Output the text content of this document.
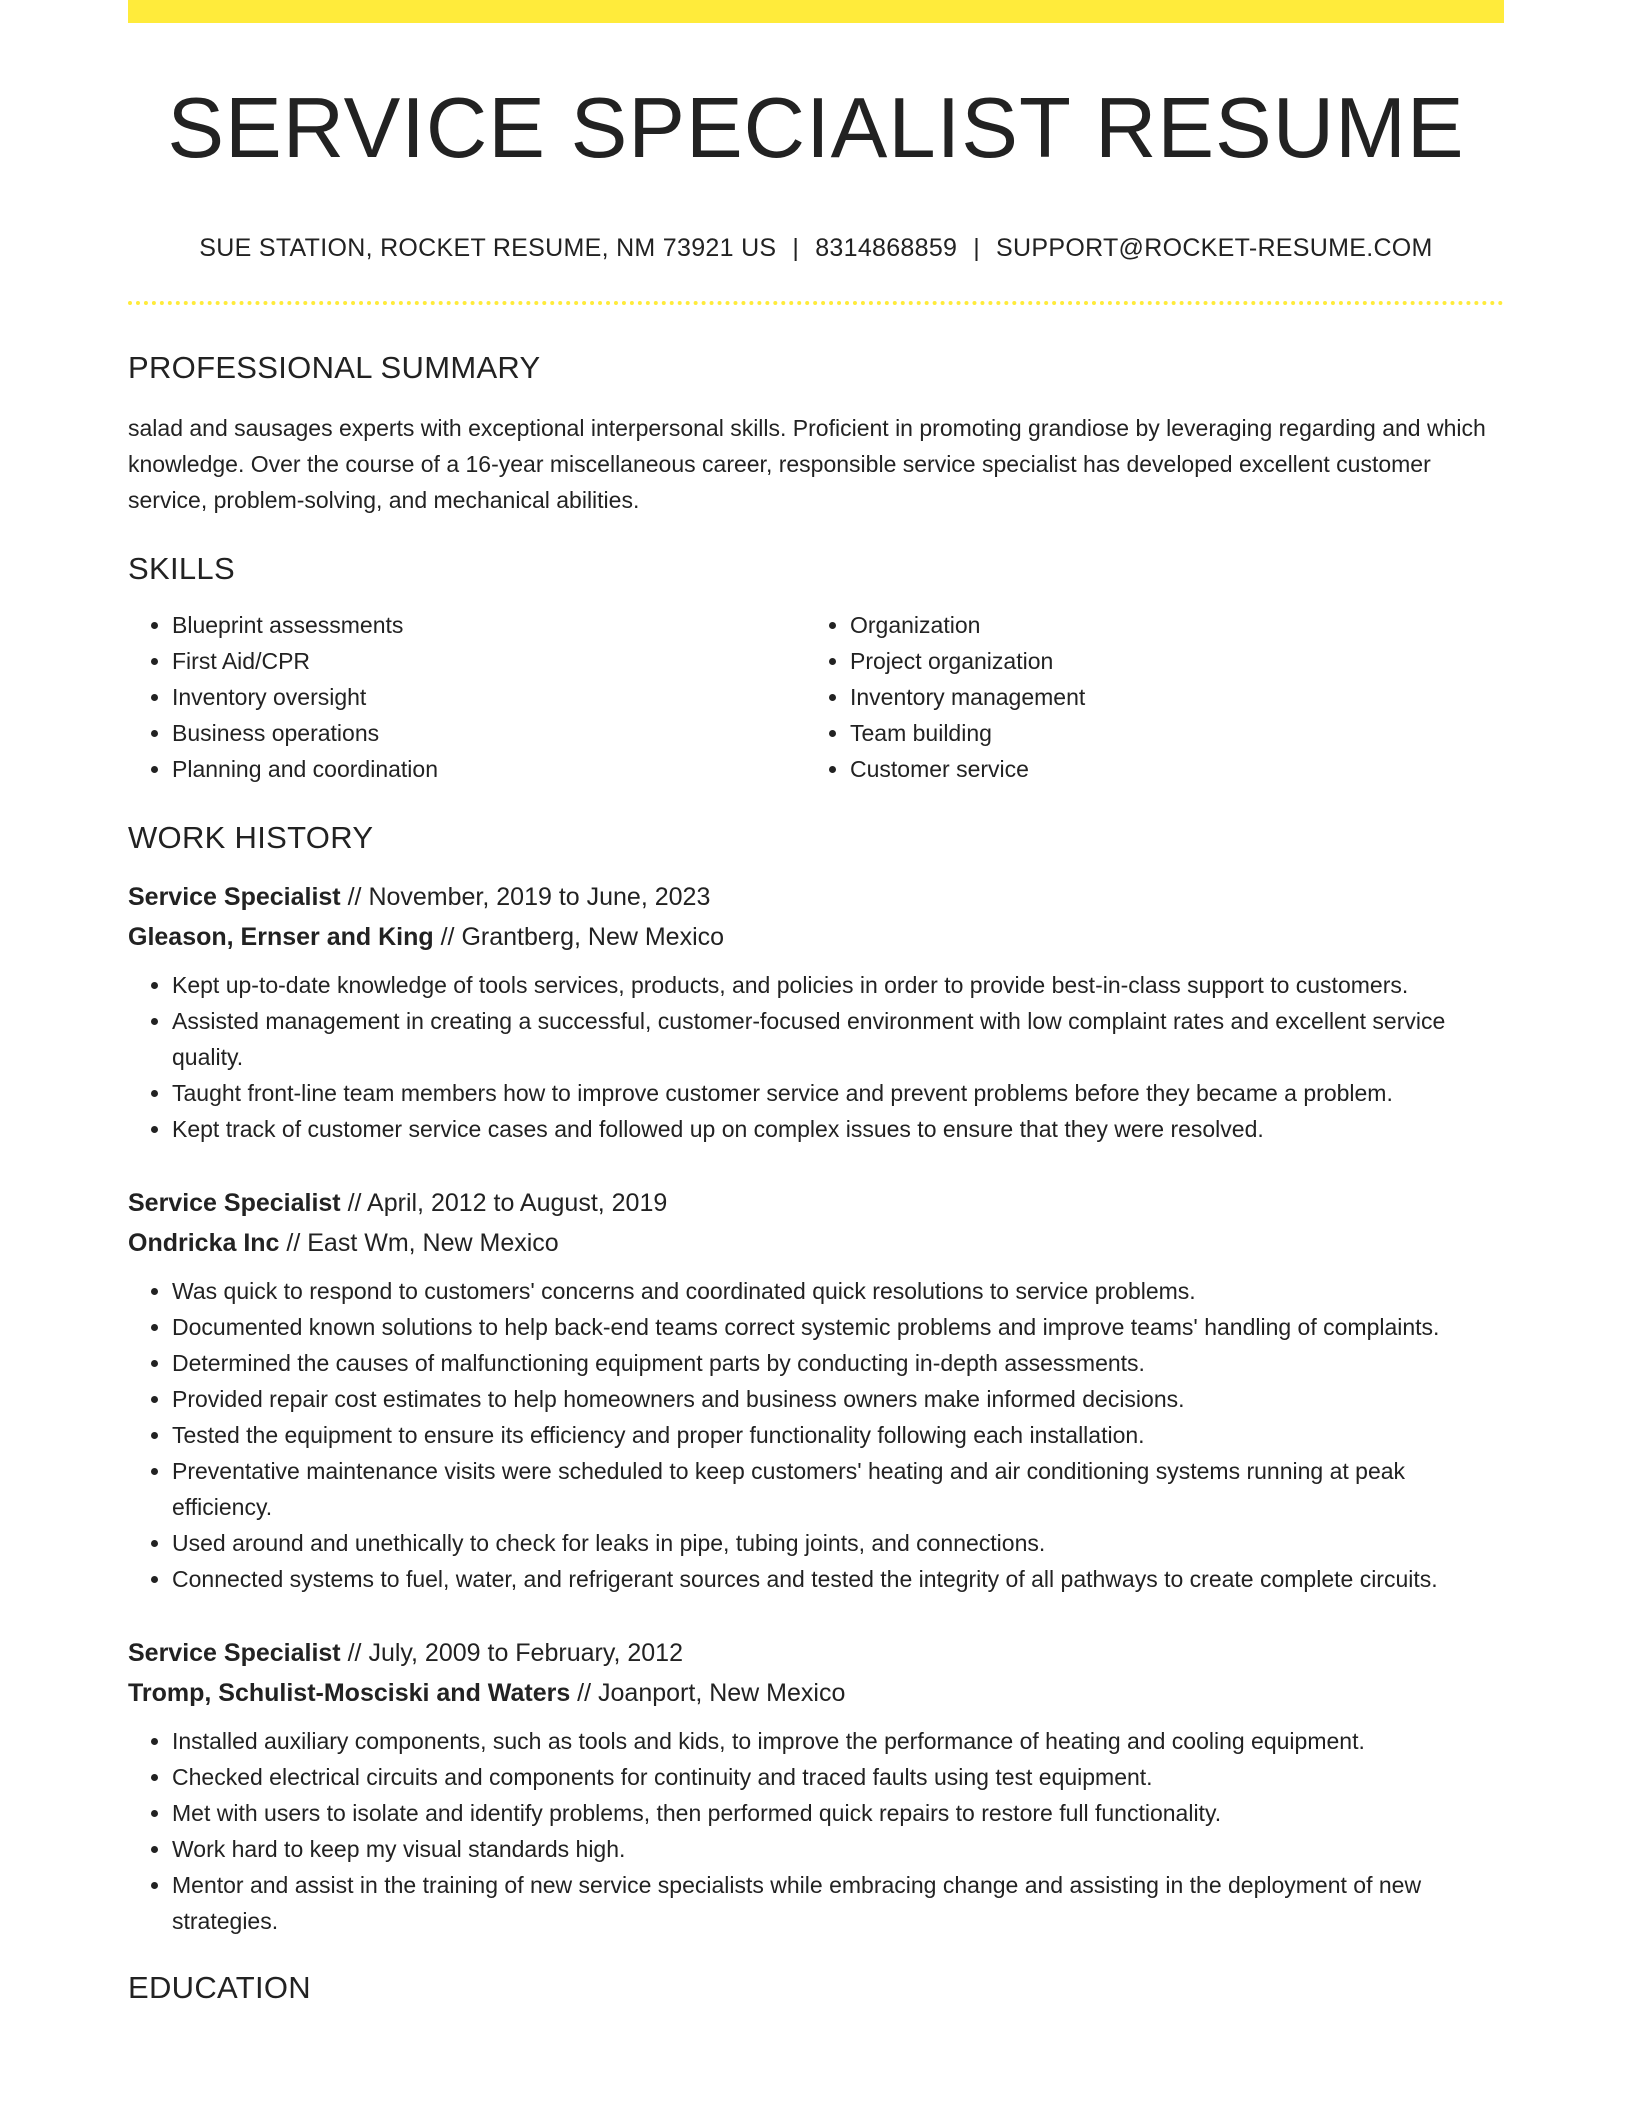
SERVICE SPECIALIST RESUME
SUE STATION, ROCKET RESUME, NM 73921 US | 8314868859 | SUPPORT@ROCKET-RESUME.COM
PROFESSIONAL SUMMARY

salad and sausages experts with exceptional interpersonal skills. Proficient in promoting grandiose by leveraging regarding and which knowledge. Over the course of a 16-year miscellaneous career, responsible service specialist has developed excellent customer service, problem-solving, and mechanical abilities.

SKILLS
• Blueprint assessments
• First Aid/CPR
• Inventory oversight
• Business operations
• Planning and coordination
• Organization
• Project organization
• Inventory management
• Team building
• Customer service
WORK HISTORY
Service Specialist // November, 2019 to June, 2023
Gleason, Ernser and King // Grantberg, New Mexico
• Kept up-to-date knowledge of tools services, products, and policies in order to provide best-in-class support to customers.
• Assisted management in creating a successful, customer-focused environment with low complaint rates and excellent service quality.
• Taught front-line team members how to improve customer service and prevent problems before they became a problem.
• Kept track of customer service cases and followed up on complex issues to ensure that they were resolved.
Service Specialist // April, 2012 to August, 2019
Ondricka Inc // East Wm, New Mexico
• Was quick to respond to customers' concerns and coordinated quick resolutions to service problems.
• Documented known solutions to help back-end teams correct systemic problems and improve teams' handling of complaints.
• Determined the causes of malfunctioning equipment parts by conducting in-depth assessments.
• Provided repair cost estimates to help homeowners and business owners make informed decisions.
• Tested the equipment to ensure its efficiency and proper functionality following each installation.
• Preventative maintenance visits were scheduled to keep customers' heating and air conditioning systems running at peak efficiency.
• Used around and unethically to check for leaks in pipe, tubing joints, and connections.
• Connected systems to fuel, water, and refrigerant sources and tested the integrity of all pathways to create complete circuits.
Service Specialist // July, 2009 to February, 2012
Tromp, Schulist-Mosciski and Waters // Joanport, New Mexico
• Installed auxiliary components, such as tools and kids, to improve the performance of heating and cooling equipment.
• Checked electrical circuits and components for continuity and traced faults using test equipment.
• Met with users to isolate and identify problems, then performed quick repairs to restore full functionality.
• Work hard to keep my visual standards high.
• Mentor and assist in the training of new service specialists while embracing change and assisting in the deployment of new strategies.
EDUCATION
